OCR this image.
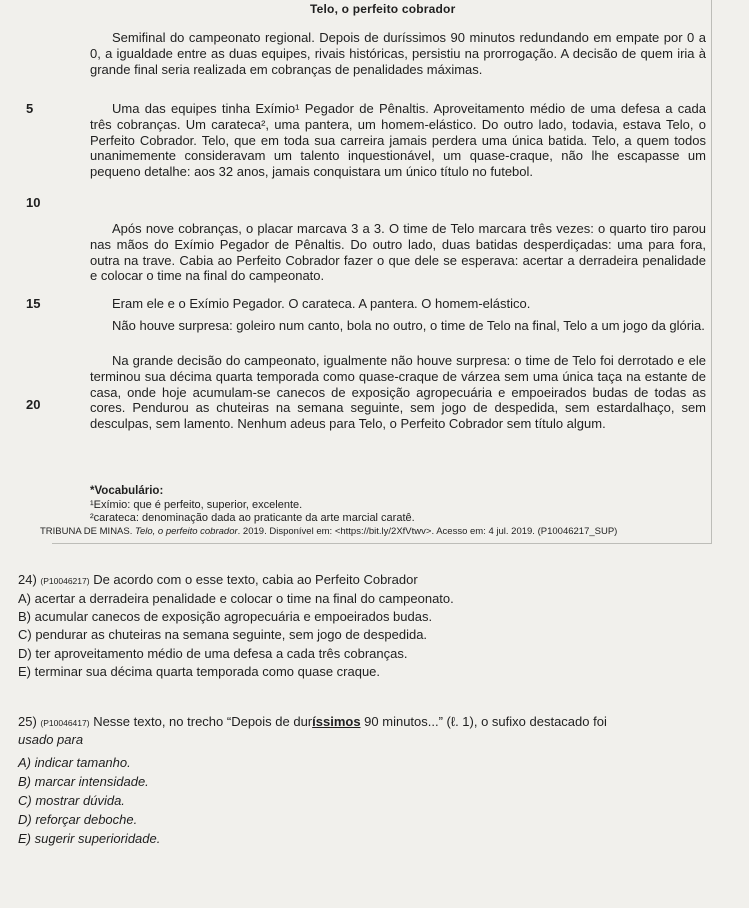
Telo, o perfeito cobrador
Semifinal do campeonato regional. Depois de duríssimos 90 minutos redundando em empate por 0 a 0, a igualdade entre as duas equipes, rivais históricas, persistiu na prorrogação. A decisão de quem iria à grande final seria realizada em cobranças de penalidades máximas.
Uma das equipes tinha Exímio¹ Pegador de Pênaltis. Aproveitamento médio de uma defesa a cada três cobranças. Um carateca², uma pantera, um homem-elástico. Do outro lado, todavia, estava Telo, o Perfeito Cobrador. Telo, que em toda sua carreira jamais perdera uma única batida. Telo, a quem todos unanimemente consideravam um talento inquestionável, um quase-craque, não lhe escapasse um pequeno detalhe: aos 32 anos, jamais conquistara um único título no futebol.
Após nove cobranças, o placar marcava 3 a 3. O time de Telo marcara três vezes: o quarto tiro parou nas mãos do Exímio Pegador de Pênaltis. Do outro lado, duas batidas desperdiçadas: uma para fora, outra na trave. Cabia ao Perfeito Cobrador fazer o que dele se esperava: acertar a derradeira penalidade e colocar o time na final do campeonato.
Eram ele e o Exímio Pegador. O carateca. A pantera. O homem-elástico.
Não houve surpresa: goleiro num canto, bola no outro, o time de Telo na final, Telo a um jogo da glória.
Na grande decisão do campeonato, igualmente não houve surpresa: o time de Telo foi derrotado e ele terminou sua décima quarta temporada como quase-craque de várzea sem uma única taça na estante de casa, onde hoje acumulam-se canecos de exposição agropecuária e empoeirados budas de todas as cores. Pendurou as chuteiras na semana seguinte, sem jogo de despedida, sem estardalhaço, sem desculpas, sem lamento. Nenhum adeus para Telo, o Perfeito Cobrador sem título algum.
5
10
15
20
*Vocabulário:
¹Exímio: que é perfeito, superior, excelente.
²carateca: denominação dada ao praticante da arte marcial caratê.
TRIBUNA DE MINAS. Telo, o perfeito cobrador. 2019. Disponível em: <https://bit.ly/2XfVtwv>. Acesso em: 4 jul. 2019. (P10046217_SUP)
24) (P10046217) De acordo com o esse texto, cabia ao Perfeito Cobrador
A) acertar a derradeira penalidade e colocar o time na final do campeonato.
B) acumular canecos de exposição agropecuária e empoeirados budas.
C) pendurar as chuteiras na semana seguinte, sem jogo de despedida.
D) ter aproveitamento médio de uma defesa a cada três cobranças.
E) terminar sua décima quarta temporada como quase craque.
25) (P10046417) Nesse texto, no trecho “Depois de duríssimos 90 minutos...” (ℓ. 1), o sufixo destacado foi
usado para
A) indicar tamanho.
B) marcar intensidade.
C) mostrar dúvida.
D) reforçar deboche.
E) sugerir superioridade.
